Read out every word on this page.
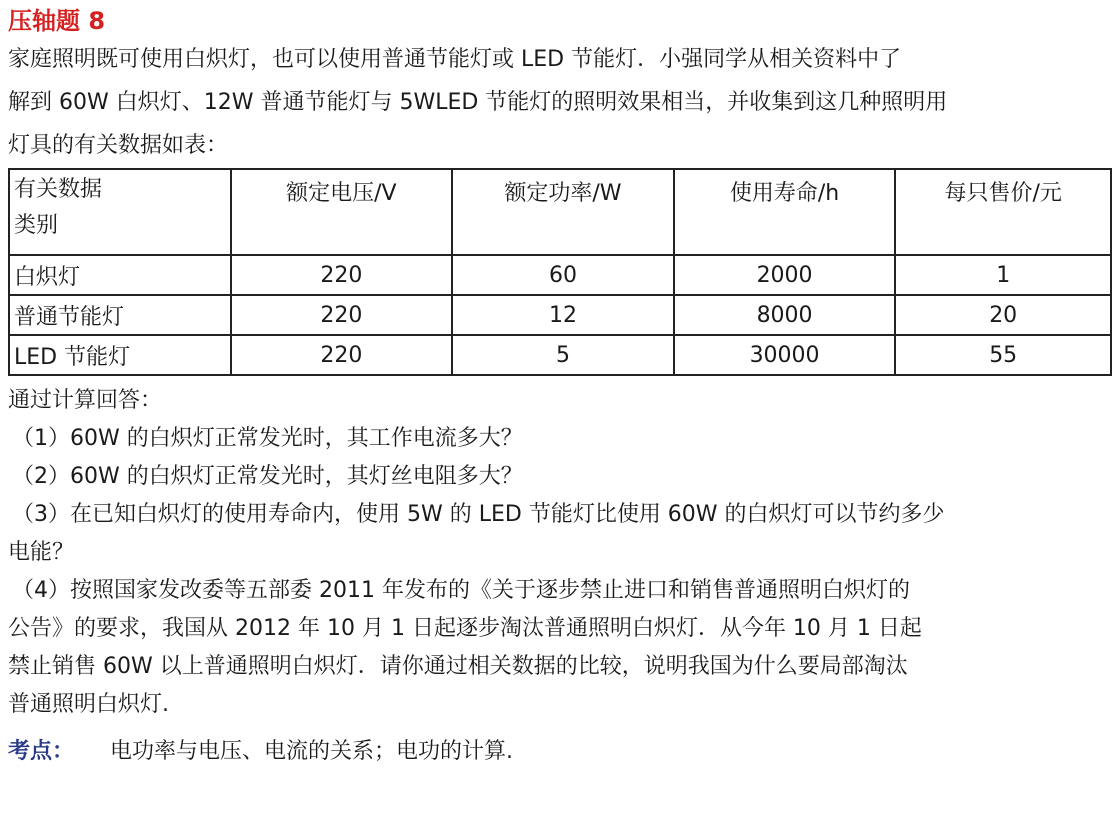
压轴题 8
家庭照明既可使用白炽灯，也可以使用普通节能灯或 LED 节能灯．小强同学从相关资料中了
解到 60W 白炽灯、12W 普通节能灯与 5WLED 节能灯的照明效果相当，并收集到这几种照明用
灯具的有关数据如表：
有关数据
类别	额定电压/V	额定功率/W	使用寿命/h	每只售价/元
白炽灯	220	60	2000	1
普通节能灯	220	12	8000	20
LED 节能灯	220	5	30000	55
通过计算回答：
（1）60W 的白炽灯正常发光时，其工作电流多大？
（2）60W 的白炽灯正常发光时，其灯丝电阻多大？
（3）在已知白炽灯的使用寿命内，使用 5W 的 LED 节能灯比使用 60W 的白炽灯可以节约多少
电能？
（4）按照国家发改委等五部委 2011 年发布的《关于逐步禁止进口和销售普通照明白炽灯的
公告》的要求，我国从 2012 年 10 月 1 日起逐步淘汰普通照明白炽灯．从今年 10 月 1 日起
禁止销售 60W 以上普通照明白炽灯．请你通过相关数据的比较，说明我国为什么要局部淘汰
普通照明白炽灯.
考点： 电功率与电压、电流的关系；电功的计算.
